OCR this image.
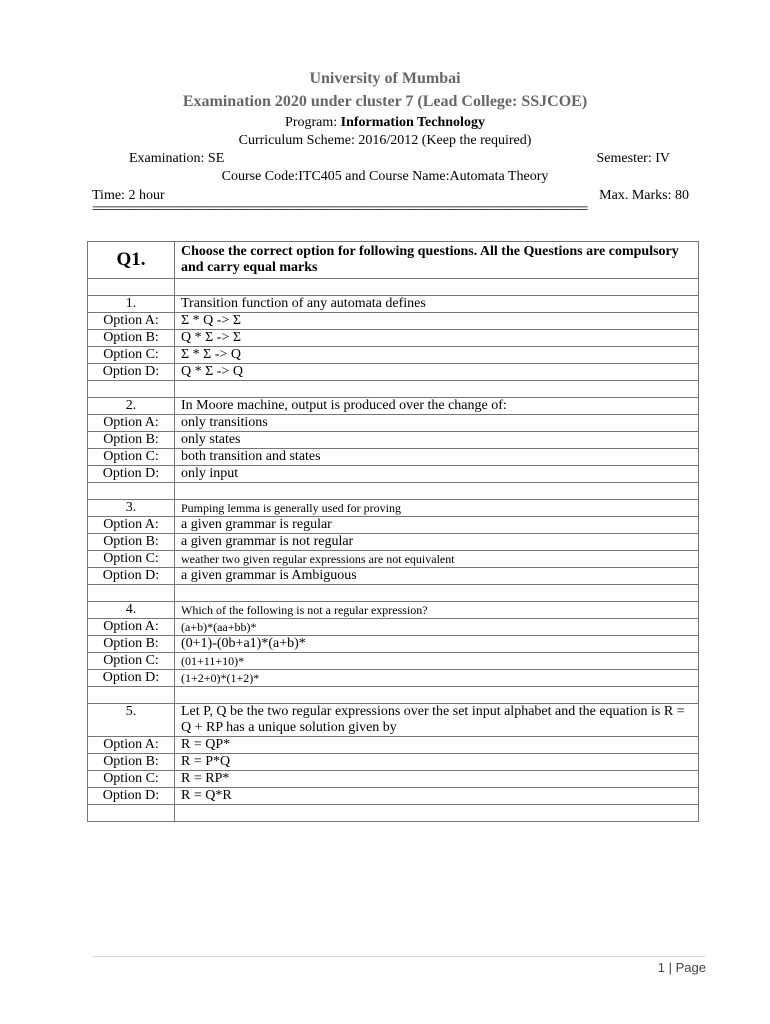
University of Mumbai
Examination 2020 under cluster 7 (Lead College: SSJCOE)
Program: Information Technology
Curriculum Scheme: 2016/2012 (Keep the required)
Examination: SE	Semester: IV
Course Code:ITC405 and Course Name:Automata Theory
Time: 2 hour	Max. Marks: 80
=================================================================================================
Q1.	Choose the correct option for following questions. All the Questions are compulsory and carry equal marks

1.	Transition function of any automata defines
Option A:	Σ * Q -> Σ
Option B:	Q * Σ -> Σ
Option C:	Σ * Σ -> Q
Option D:	Q * Σ -> Q

2.	In Moore machine, output is produced over the change of:
Option A:	only transitions
Option B:	only states
Option C:	both transition and states
Option D:	only input

3.	Pumping lemma is generally used for proving
Option A:	a given grammar is regular
Option B:	a given grammar is not regular
Option C:	weather two given regular expressions are not equivalent
Option D:	a given grammar is Ambiguous

4.	Which of the following is not a regular expression?
Option A:	(a+b)*(aa+bb)*
Option B:	(0+1)-(0b+a1)*(a+b)*
Option C:	(01+11+10)*
Option D:	(1+2+0)*(1+2)*

5.	Let P, Q be the two regular expressions over the set input alphabet and the equation is R = Q + RP has a unique solution given by
Option A:	R = QP*
Option B:	R = P*Q
Option C:	R = RP*
Option D:	R = Q*R

1 | Page
